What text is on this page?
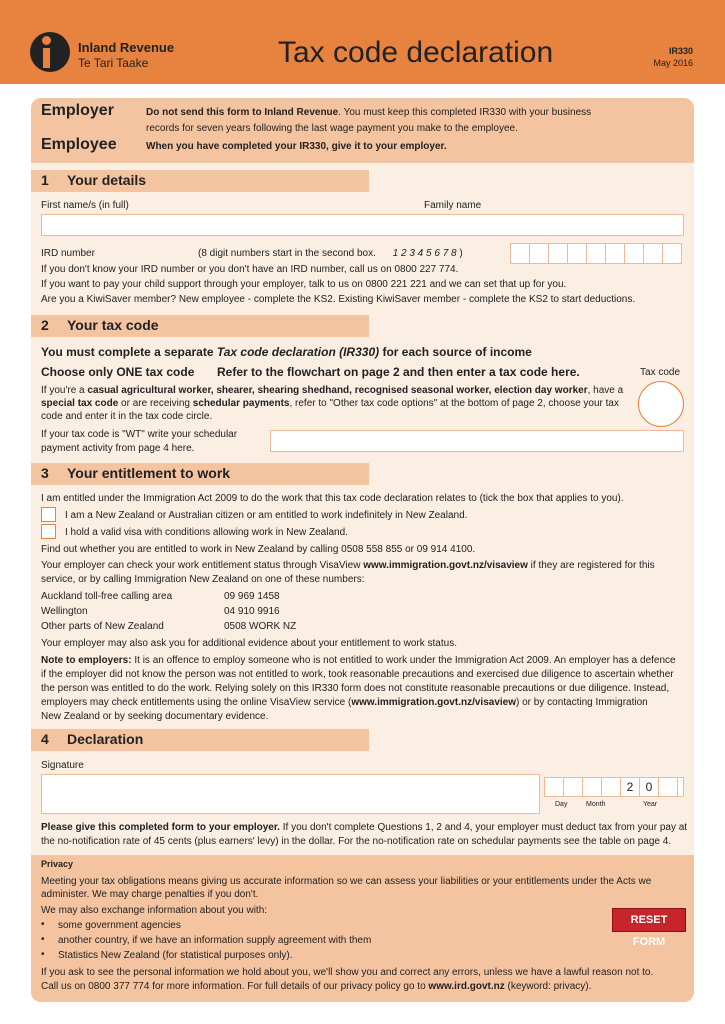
Inland Revenue
Te Tari Taake	Tax code declaration	IR330
May 2016
Employer	Do not send this form to Inland Revenue. You must keep this completed IR330 with your business
records for seven years following the last wage payment you make to the employee.
Employee	When you have completed your IR330, give it to your employer.
1 Your details
First name/s (in full)	Family name
IRD number	(8 digit numbers start in the second box. 1 2 3 4 5 6 7 8 )
If you don't know your IRD number or you don't have an IRD number, call us on 0800 227 774.
If you want to pay your child support through your employer, talk to us on 0800 221 221 and we can set that up for you.
Are you a KiwiSaver member? New employee - complete the KS2. Existing KiwiSaver member - complete the KS2 to start deductions.
2 Your tax code
You must complete a separate Tax code declaration (IR330) for each source of income
Choose only ONE tax code Refer to the flowchart on page 2 and then enter a tax code here.	Tax code
If you're a casual agricultural worker, shearer, shearing shedhand, recognised seasonal worker, election day worker, have a special tax code or are receiving schedular payments, refer to "Other tax code options" at the bottom of page 2, choose your tax code and enter it in the tax code circle.
If your tax code is "WT" write your schedular
payment activity from page 4 here.
3 Your entitlement to work
I am entitled under the Immigration Act 2009 to do the work that this tax code declaration relates to (tick the box that applies to you).
I am a New Zealand or Australian citizen or am entitled to work indefinitely in New Zealand.
I hold a valid visa with conditions allowing work in New Zealand.
Find out whether you are entitled to work in New Zealand by calling 0508 558 855 or 09 914 4100.
Your employer can check your work entitlement status through VisaView www.immigration.govt.nz/visaview if they are registered for this
service, or by calling Immigration New Zealand on one of these numbers:
Auckland toll-free calling area	09 969 1458
Wellington	04 910 9916
Other parts of New Zealand	0508 WORK NZ
Your employer may also ask you for additional evidence about your entitlement to work status.
Note to employers: It is an offence to employ someone who is not entitled to work under the Immigration Act 2009. An employer has a defence
if the employer did not know the person was not entitled to work, took reasonable precautions and exercised due diligence to ascertain whether
the person was entitled to do the work. Relying solely on this IR330 form does not constitute reasonable precautions or due diligence. Instead,
employers may check entitlements using the online VisaView service (www.immigration.govt.nz/visaview) or by contacting Immigration
New Zealand or by seeking documentary evidence.
4 Declaration
Signature
2	0
Day	Month	Year
Please give this completed form to your employer. If you don't complete Questions 1, 2 and 4, your employer must deduct tax from your pay at
the no-notification rate of 45 cents (plus earners' levy) in the dollar. For the no-notification rate on schedular payments see the table on page 4.
Privacy
Meeting your tax obligations means giving us accurate information so we can assess your liabilities or your entitlements under the Acts we
administer. We may charge penalties if you don't.
We may also exchange information about you with:
• some government agencies
• another country, if we have an information supply agreement with them
• Statistics New Zealand (for statistical purposes only).
If you ask to see the personal information we hold about you, we'll show you and correct any errors, unless we have a lawful reason not to.
Call us on 0800 377 774 for more information. For full details of our privacy policy go to www.ird.govt.nz (keyword: privacy).
RESET FORM
